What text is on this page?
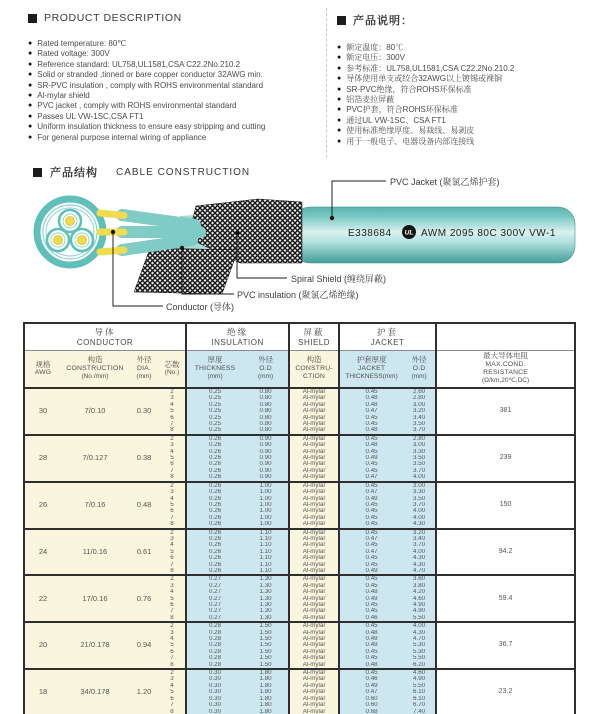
PRODUCT DESCRIPTION
● Rated temperature: 80℃
● Rated voltage: 300V
● Reference standard: UL758,UL1581,CSA C22.2No.210.2
● Solid or stranded ,tinned or bare copper conductor 32AWG min.
● SR-PVC insulation , comply with ROHS environmental standard
● Al-mylar shield
● PVC jacket , comply with ROHS environmental standard
● Passes UL VW-1SC,CSA FT1
● Uniform insulation thickness to ensure easy stripping and cutting
● For general purpose internal wiring of appliance
产品说明：
● 额定温度：80℃
● 额定电压：300V
● 参考标准：UL758,UL1581,CSA C22.2No.210.2
● 导体使用单支或绞合32AWG以上镀锡或裸铜
● SR-PVC绝缘，符合ROHS环保标准
● 铝箔麦拉屏蔽
● PVC护套，符合ROHS环保标准
● 通过UL VW-1SC、CSA FT1
● 使用标准绝缘厚度、易裁线、易剥皮
● 用于一般电子、电器设备内部连接线
产品结构 CABLE CONSTRUCTION
E338684 UL AWM 2095 80C 300V VW-1
PVC Jacket (聚氯乙烯护套)
Spiral Shield (缠绕屏蔽)
PVC insulation (聚氯乙烯绝缘)
Conductor (导体)
导体
CONDUCTOR

绝缘
INSULATION

屏蔽
SHIELD

护套
JACKET

规格
AWG

构造
CONSTRUCTION
(No./mm)

外径
DIA.
(mm)

芯数
(No.)

厚度
THICKNESS
(mm)

外径
O.D
(mm)

构造
CONSTRU-
CTION

护套厚度
JACKET
THICKNESS(mm)

外径
O.D
(mm)

最大导体电阻
MAX.COND.
RESISTANCE
(Ω/km,20℃,DC)

30	7/0.10	0.30	2	0.25	0.80	Al-mylar	0.45	2.60	381
			3	0.25	0.80	Al-mylar	0.48	2.80	
			4	0.25	0.80	Al-mylar	0.48	3.00	
			5	0.25	0.80	Al-mylar	0.47	3.20	
			6	0.25	0.80	Al-mylar	0.45	3.40	
			7	0.25	0.80	Al-mylar	0.45	3.50	
			8	0.25	0.80	Al-mylar	0.48	3.70	
28	7/0.127	0.38	2	0.26	0.90	Al-mylar	0.45	2.80	239
			3	0.26	0.90	Al-mylar	0.48	3.00	
			4	0.26	0.90	Al-mylar	0.45	3.30	
			5	0.26	0.90	Al-mylar	0.49	3.50	
			6	0.26	0.90	Al-mylar	0.45	3.50	
			7	0.26	0.90	Al-mylar	0.45	3.70	
			8	0.26	0.90	Al-mylar	0.47	4.00	
26	7/0.16	0.48	2	0.26	1.00	Al-mylar	0.45	3.00	150
			3	0.26	1.00	Al-mylar	0.47	3.30	
			4	0.26	1.00	Al-mylar	0.49	3.50	
			5	0.26	1.00	Al-mylar	0.45	3.70	
			6	0.26	1.00	Al-mylar	0.45	4.00	
			7	0.26	1.00	Al-mylar	0.45	4.00	
			8	0.26	1.00	Al-mylar	0.45	4.30	
24	11/0.16	0.61	2	0.26	1.10	Al-mylar	0.45	3.20	94.2
			3	0.26	1.10	Al-mylar	0.47	3.40	
			4	0.26	1.10	Al-mylar	0.45	3.70	
			5	0.26	1.10	Al-mylar	0.47	4.00	
			6	0.26	1.10	Al-mylar	0.45	4.30	
			7	0.26	1.10	Al-mylar	0.45	4.30	
			8	0.26	1.10	Al-mylar	0.49	4.70	
22	17/0.16	0.76	2	0.27	1.30	Al-mylar	0.45	3.60	59.4
			3	0.27	1.30	Al-mylar	0.45	3.80	
			4	0.27	1.30	Al-mylar	0.48	4.20	
			5	0.27	1.30	Al-mylar	0.49	4.60	
			6	0.27	1.30	Al-mylar	0.45	4.90	
			7	0.27	1.30	Al-mylar	0.45	4.90	
			8	0.27	1.30	Al-mylar	0.46	5.50	
20	21/0.178	0.94	2	0.28	1.50	Al-mylar	0.45	4.00	36.7
			3	0.28	1.50	Al-mylar	0.48	4.30	
			4	0.28	1.50	Al-mylar	0.49	4.70	
			5	0.28	1.50	Al-mylar	0.49	5.30	
			6	0.28	1.50	Al-mylar	0.45	5.30	
			7	0.28	1.50	Al-mylar	0.45	5.50	
			8	0.28	1.50	Al-mylar	0.48	6.20	
18	34/0.178	1.20	2	0.30	1.80	Al-mylar	0.45	4.60	23.2
			3	0.30	1.80	Al-mylar	0.46	4.90	
			4	0.30	1.80	Al-mylar	0.49	5.50	
			5	0.30	1.80	Al-mylar	0.47	6.10	
			6	0.30	1.80	Al-mylar	0.60	6.10	
			7	0.30	1.80	Al-mylar	0.60	6.70	
			8	0.30	1.80	Al-mylar	0.68	7.40	
